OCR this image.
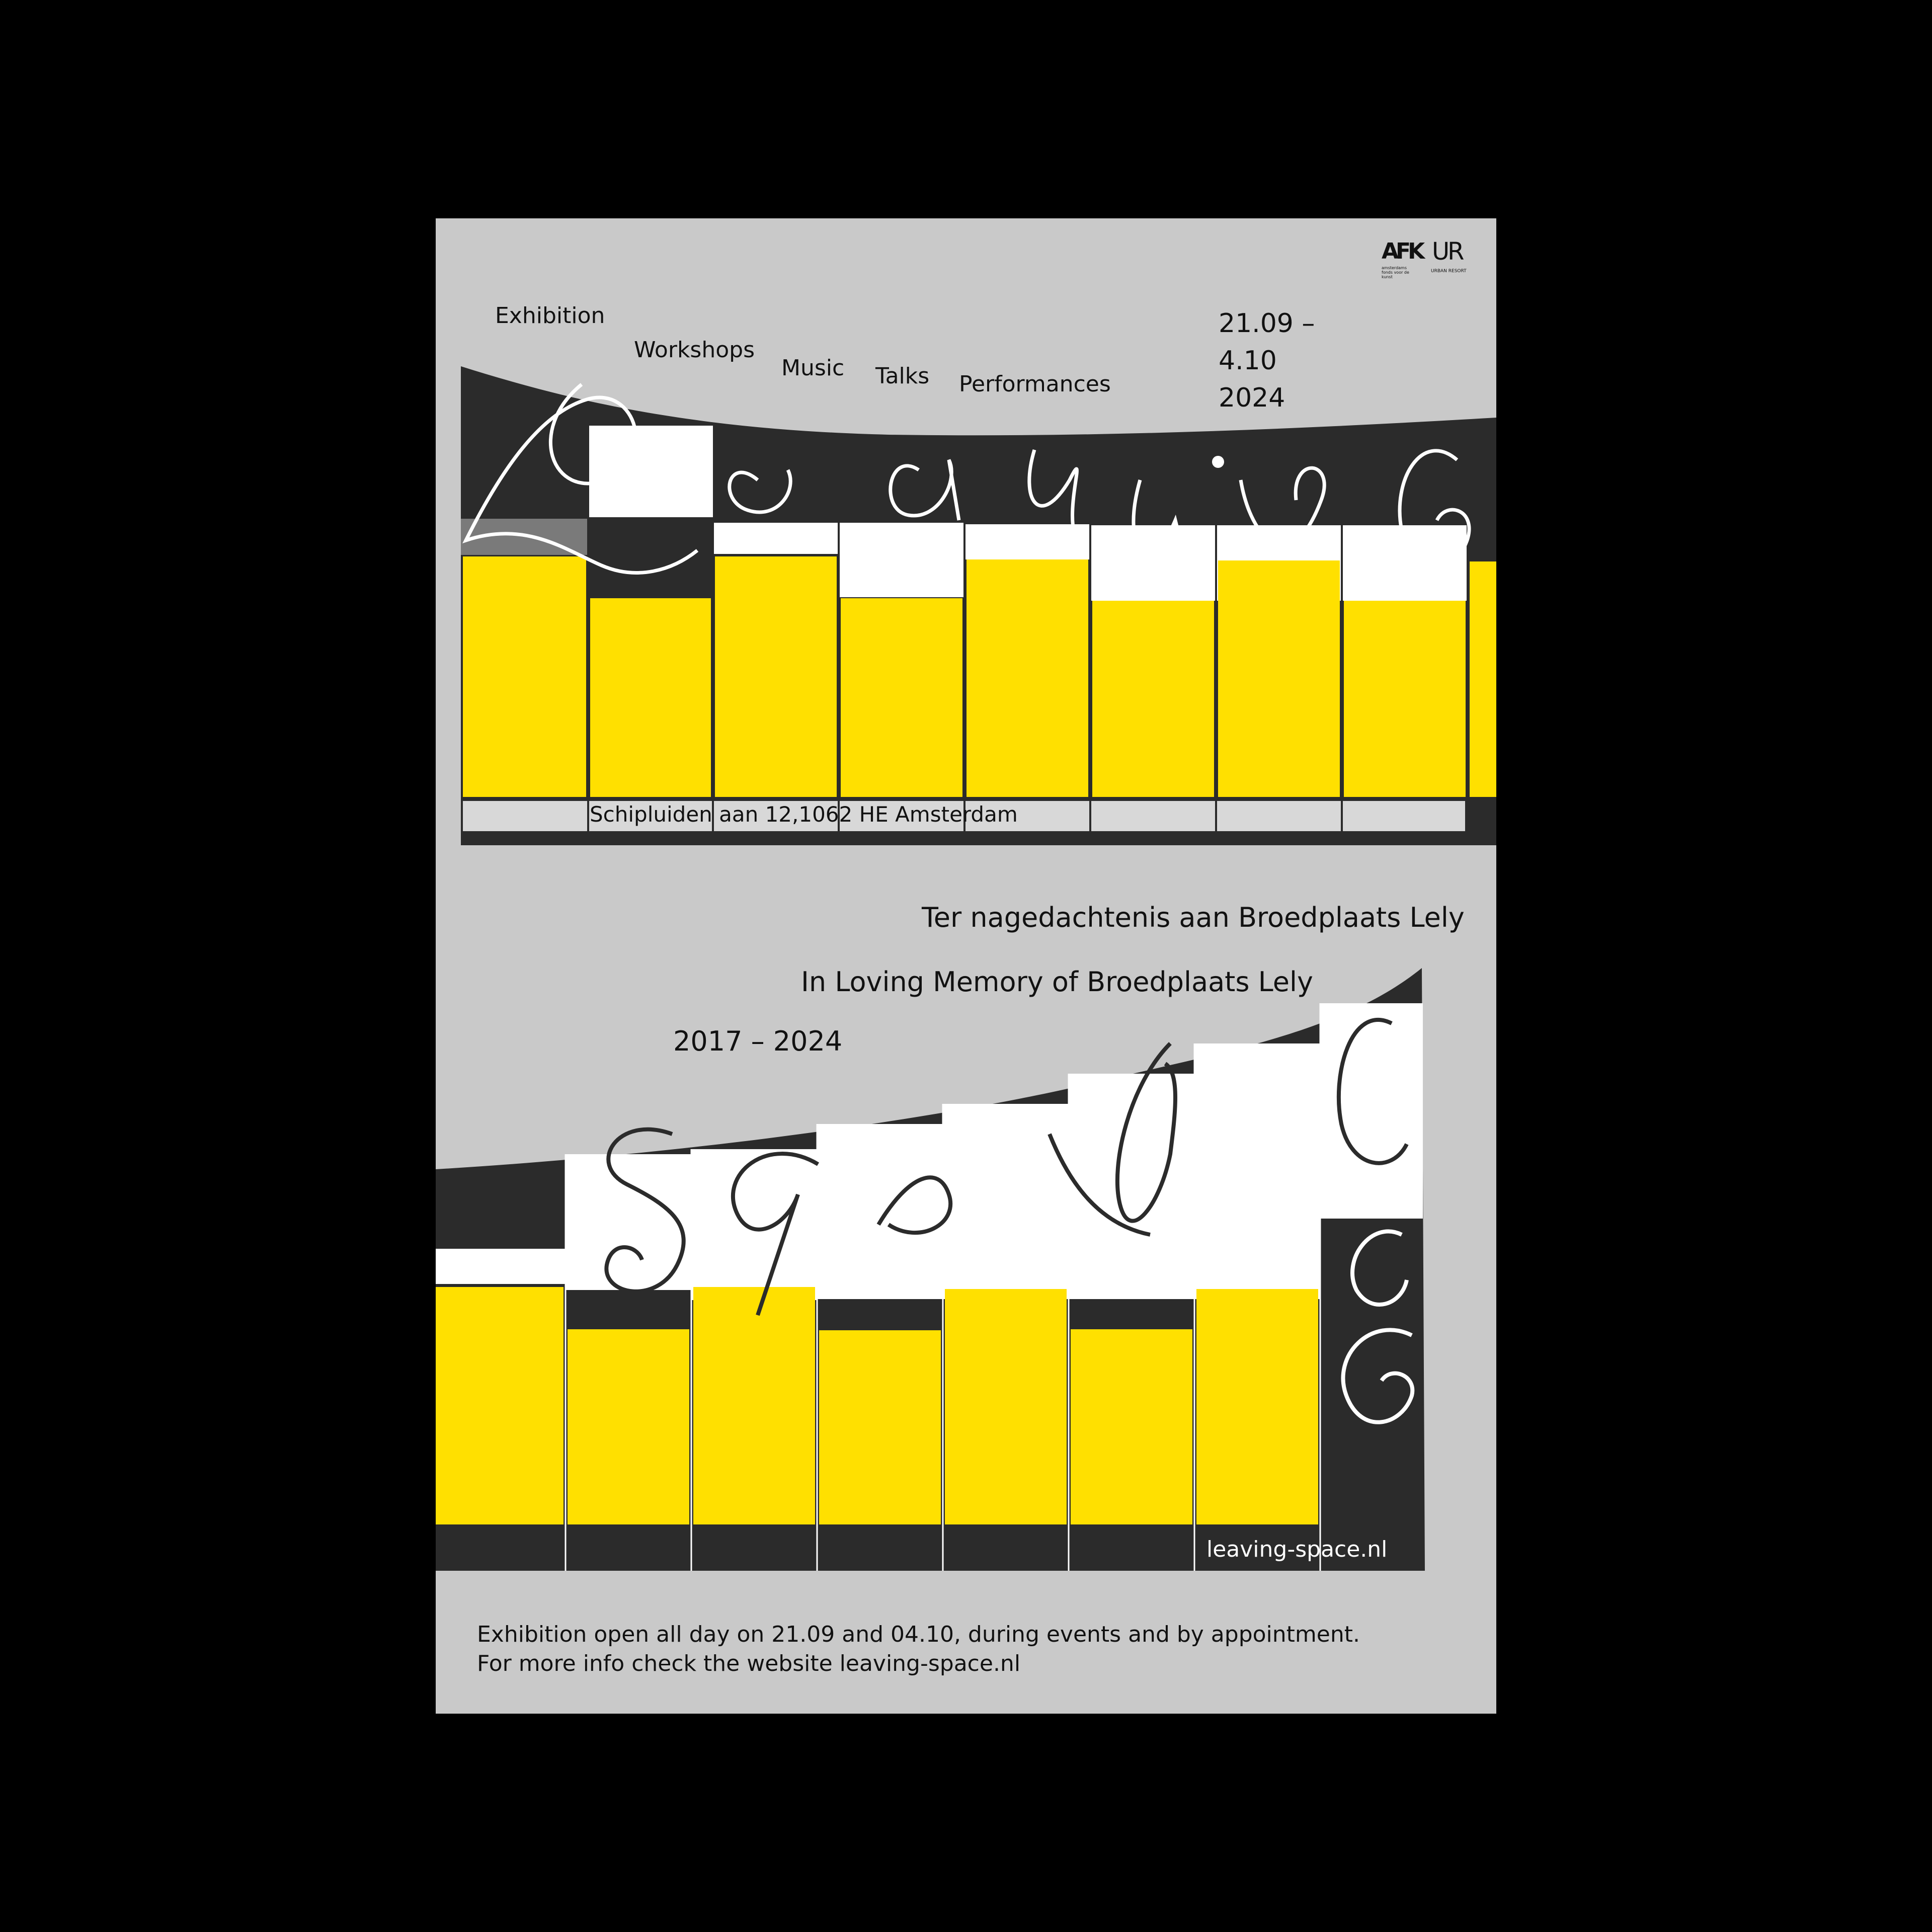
AFK
amsterdams fonds voor de kunst
UR
URBAN RESORT
Exhibition
Workshops
Music Talks Performances
21.09 –
4.10
2024
Schipluiden aan 12,1062 HE Amsterdam
Ter nagedachtenis aan Broedplaats Lely
In Loving Memory of Broedplaats Lely
2017 – 2024
leaving-space.nl
Exhibition open all day on 21.09 and 04.10, during events and by appointment.
For more info check the website leaving-space.nl
